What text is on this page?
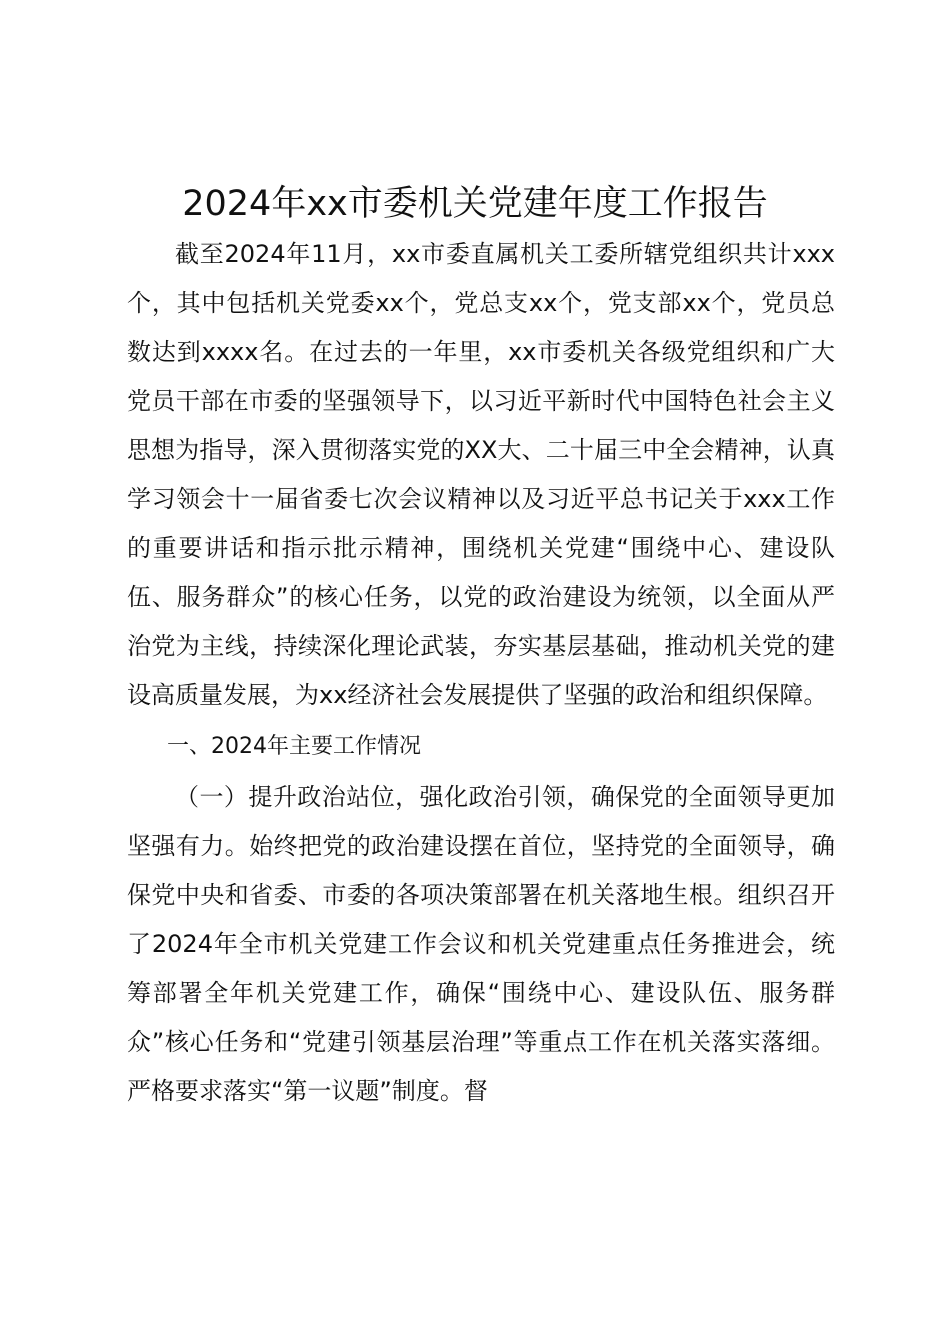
2024年xx市委机关党建年度工作报告

截至2024年11月，xx市委直属机关工委所辖党组织共计xxx个，其中包括机关党委xx个，党总支xx个，党支部xx个，党员总数达到xxxx名。在过去的一年里，xx市委机关各级党组织和广大党员干部在市委的坚强领导下，以习近平新时代中国特色社会主义思想为指导，深入贯彻落实党的XX大、二十届三中全会精神，认真学习领会十一届省委七次会议精神以及习近平总书记关于xxx工作的重要讲话和指示批示精神，围绕机关党建“围绕中心、建设队伍、服务群众”的核心任务，以党的政治建设为统领，以全面从严治党为主线，持续深化理论武装，夯实基层基础，推动机关党的建设高质量发展，为xx经济社会发展提供了坚强的政治和组织保障。

一、2024年主要工作情况

（一）提升政治站位，强化政治引领，确保党的全面领导更加坚强有力。始终把党的政治建设摆在首位，坚持党的全面领导，确保党中央和省委、市委的各项决策部署在机关落地生根。组织召开了2024年全市机关党建工作会议和机关党建重点任务推进会，统筹部署全年机关党建工作，确保“围绕中心、建设队伍、服务群众”核心任务和“党建引领基层治理”等重点工作在机关落实落细。严格要求落实“第一议题”制度。督
